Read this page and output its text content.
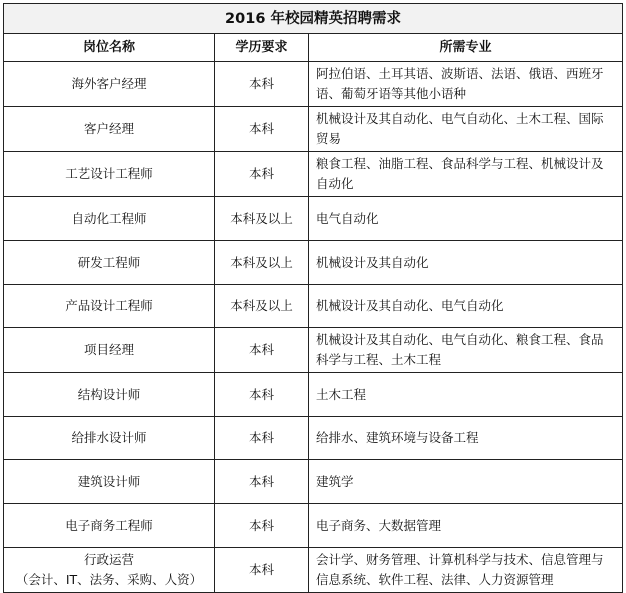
2016 年校园精英招聘需求		
岗位名称	学历要求	所需专业
海外客户经理	本科	阿拉伯语、土耳其语、波斯语、法语、俄语、西班牙语、葡萄牙语等其他小语种
客户经理	本科	机械设计及其自动化、电气自动化、土木工程、国际贸易
工艺设计工程师	本科	粮食工程、油脂工程、食品科学与工程、机械设计及自动化
自动化工程师	本科及以上	电气自动化
研发工程师	本科及以上	机械设计及其自动化
产品设计工程师	本科及以上	机械设计及其自动化、电气自动化
项目经理	本科	机械设计及其自动化、电气自动化、粮食工程、食品科学与工程、土木工程
结构设计师	本科	土木工程
给排水设计师	本科	给排水、建筑环境与设备工程
建筑设计师	本科	建筑学
电子商务工程师	本科	电子商务、大数据管理
行政运营
（会计、IT、法务、采购、人资）	本科	会计学、财务管理、计算机科学与技术、信息管理与信息系统、软件工程、法律、人力资源管理
